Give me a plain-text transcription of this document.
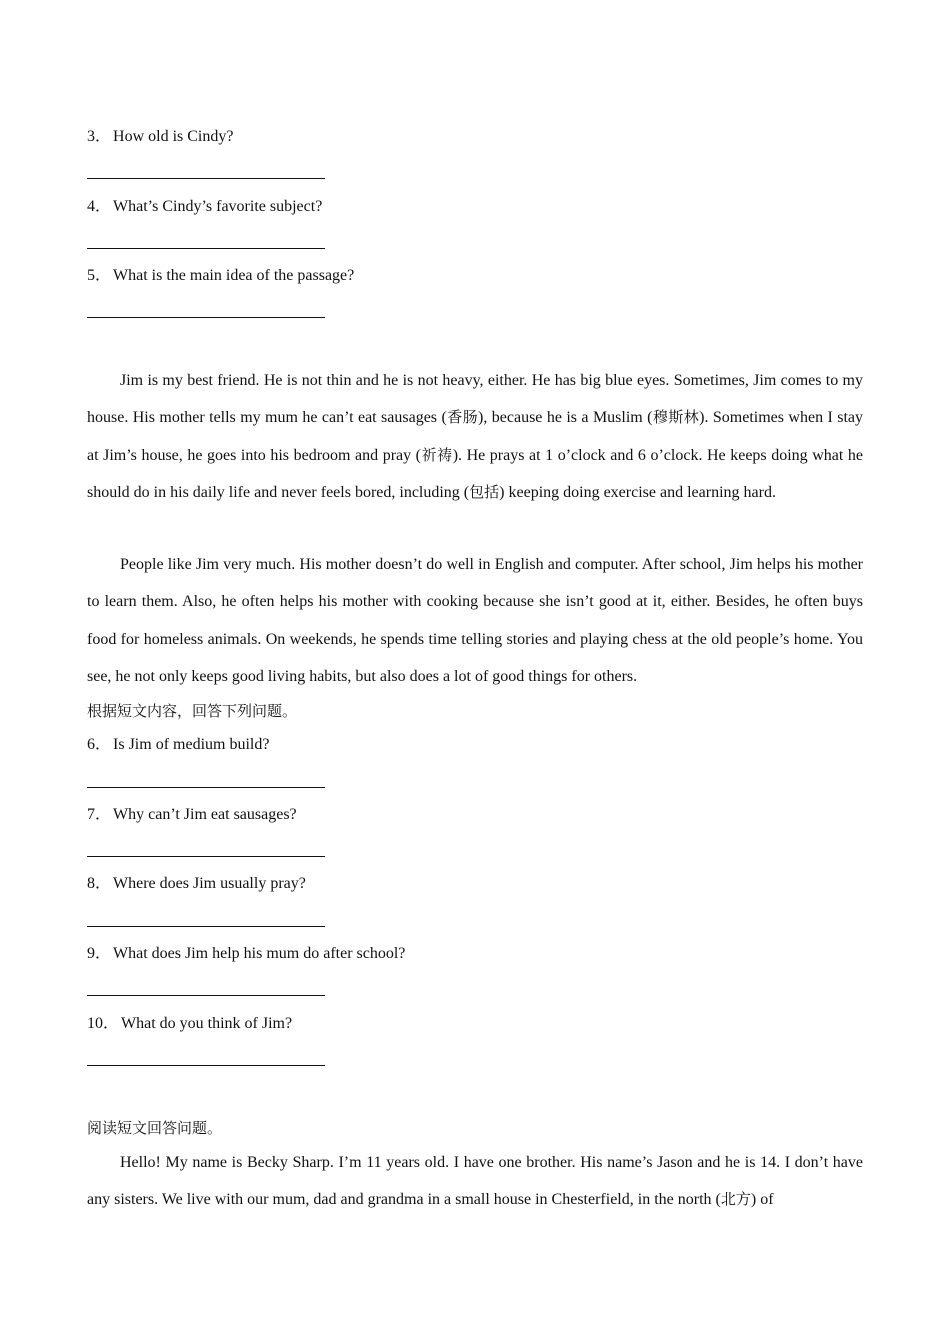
3． How old is Cindy?
4． What’s Cindy’s favorite subject?
5． What is the main idea of the passage?

Jim is my best friend. He is not thin and he is not heavy, either. He has big blue eyes. Sometimes, Jim comes to my house. His mother tells my mum he can’t eat sausages (香肠), because he is a Muslim (穆斯林). Sometimes when I stay at Jim’s house, he goes into his bedroom and pray (祈祷). He prays at 1 o’clock and 6 o’clock. He keeps doing what he should do in his daily life and never feels bored, including (包括) keeping doing exercise and learning hard.

People like Jim very much. His mother doesn’t do well in English and computer. After school, Jim helps his mother to learn them. Also, he often helps his mother with cooking because she isn’t good at it, either. Besides, he often buys food for homeless animals. On weekends, he spends time telling stories and playing chess at the old people’s home. You see, he not only keeps good living habits, but also does a lot of good things for others.

根据短文内容，回答下列问题。
6． Is Jim of medium build?
7． Why can’t Jim eat sausages?
8． Where does Jim usually pray?
9． What does Jim help his mum do after school?
10． What do you think of Jim?
阅读短文回答问题。

Hello! My name is Becky Sharp. I’m 11 years old. I have one brother. His name’s Jason and he is 14. I don’t have any sisters. We live with our mum, dad and grandma in a small house in Chesterfield, in the north (北方) of
